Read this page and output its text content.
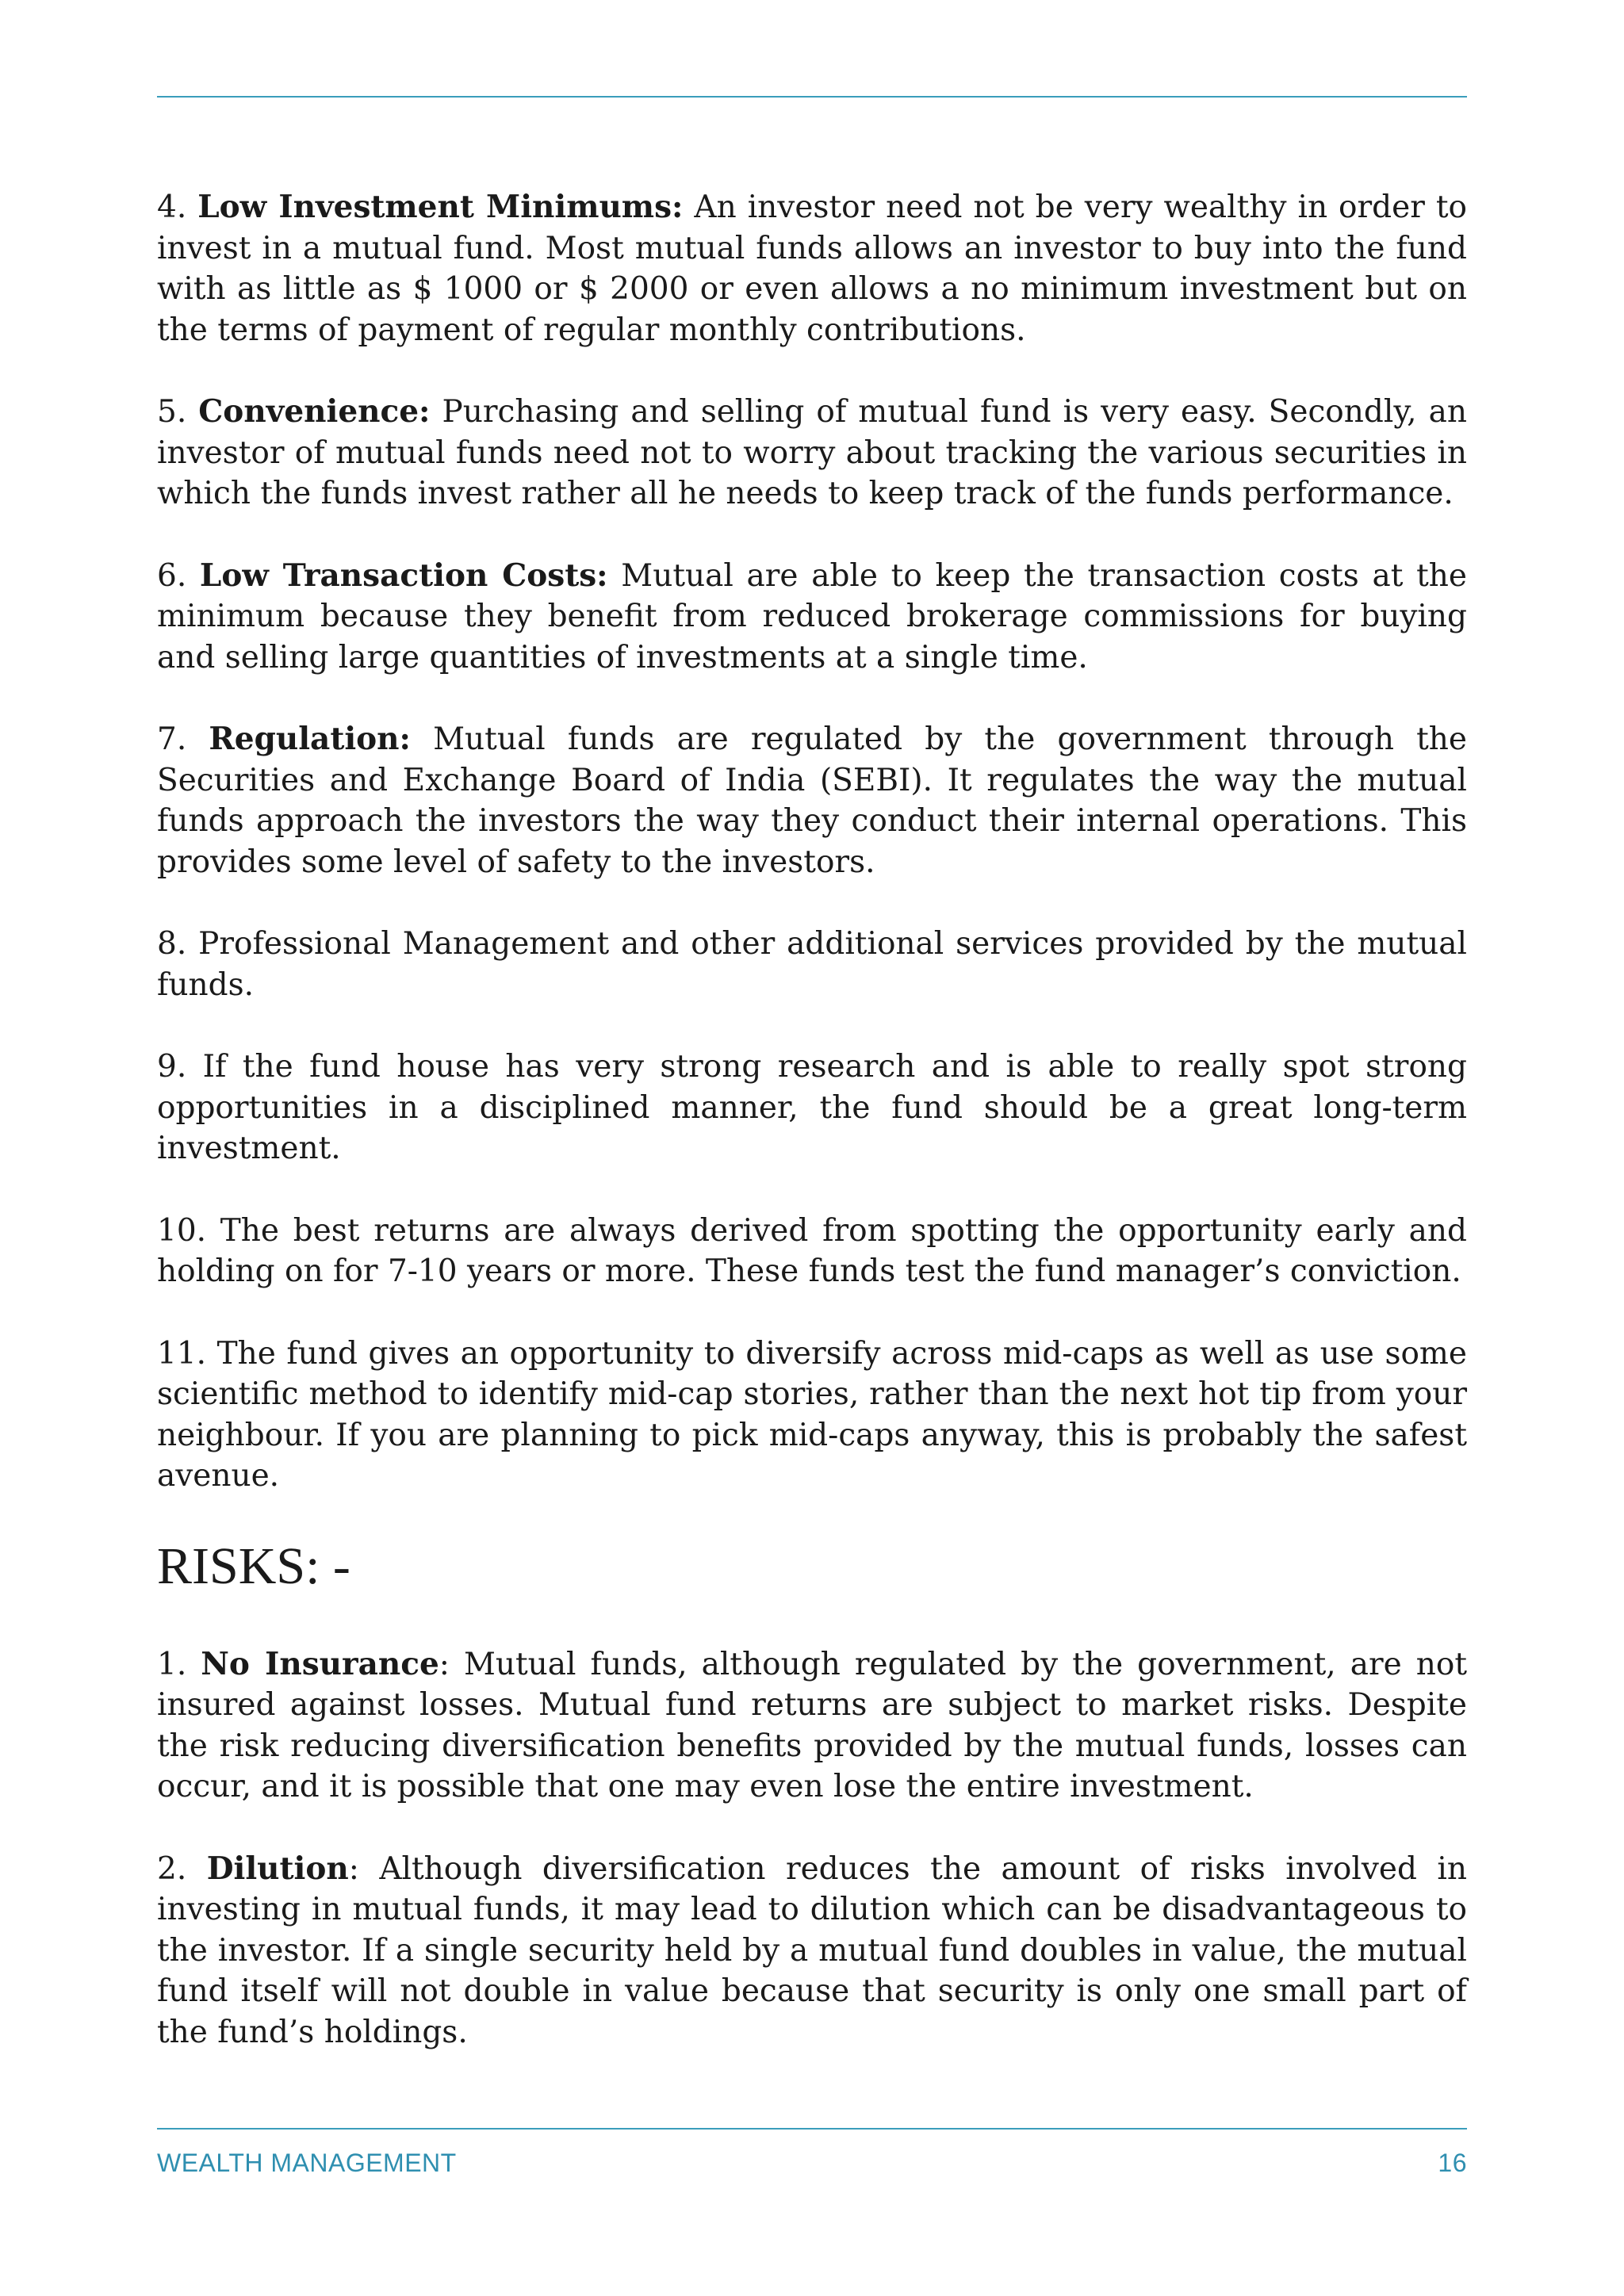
4. Low Investment Minimums: An investor need not be very wealthy in order to invest in a mutual fund. Most mutual funds allows an investor to buy into the fund with as little as $ 1000 or $ 2000 or even allows a no minimum investment but on the terms of payment of regular monthly contributions.

5. Convenience: Purchasing and selling of mutual fund is very easy. Secondly, an investor of mutual funds need not to worry about tracking the various securities in which the funds invest rather all he needs to keep track of the funds performance.

6. Low Transaction Costs: Mutual are able to keep the transaction costs at the minimum because they benefit from reduced brokerage commissions for buying and selling large quantities of investments at a single time.

7. Regulation: Mutual funds are regulated by the government through the Securities and Exchange Board of India (SEBI). It regulates the way the mutual funds approach the investors the way they conduct their internal operations. This provides some level of safety to the investors.

8. Professional Management and other additional services provided by the mutual funds.

9. If the fund house has very strong research and is able to really spot strong opportunities in a disciplined manner, the fund should be a great long-term investment.

10. The best returns are always derived from spotting the opportunity early and holding on for 7-10 years or more. These funds test the fund manager’s conviction.

11. The fund gives an opportunity to diversify across mid-caps as well as use some scientific method to identify mid-cap stories, rather than the next hot tip from your neighbour. If you are planning to pick mid-caps anyway, this is probably the safest avenue.

RISKS: -

1. No Insurance: Mutual funds, although regulated by the government, are not insured against losses. Mutual fund returns are subject to market risks. Despite the risk reducing diversification benefits provided by the mutual funds, losses can occur, and it is possible that one may even lose the entire investment.

2. Dilution: Although diversification reduces the amount of risks involved in investing in mutual funds, it may lead to dilution which can be disadvantageous to the investor. If a single security held by a mutual fund doubles in value, the mutual fund itself will not double in value because that security is only one small part of the fund’s holdings.

WEALTH MANAGEMENT	16
